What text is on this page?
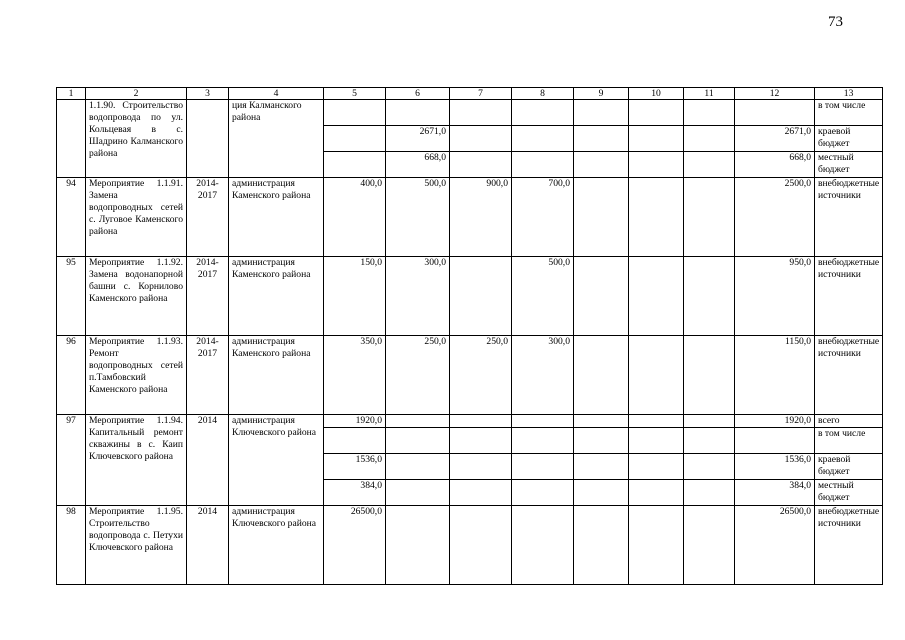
73
1	2	3	4	5	6	7	8	9	10	11	12	13
	1.1.90. Строительство водопровода по ул. Кольцевая в с. Шадрино Калманского района		ция Калманского района									в том числе
					2671,0						2671,0	краевой бюджет
					668,0						668,0	местный бюджет
94	Мероприятие 1.1.91. Замена водопроводных сетей с. Луговое Каменского района	2014-2017	администрация Каменского района	400,0	500,0	900,0	700,0				2500,0	внебюджетные источники
95	Мероприятие 1.1.92. Замена водонапорной башни с. Корнилово Каменского района	2014-2017	администрация Каменского района	150,0	300,0		500,0				950,0	внебюджетные источники
96	Мероприятие 1.1.93. Ремонт водопроводных сетей п.Тамбовский Каменского района	2014-2017	администрация Каменского района	350,0	250,0	250,0	300,0				1150,0	внебюджетные источники
97	Мероприятие 1.1.94. Капитальный ремонт скважины в с. Каип Ключевского района	2014	администрация Ключевского района	1920,0							1920,0	всего
												в том числе
				1536,0							1536,0	краевой бюджет
				384,0							384,0	местный бюджет
98	Мероприятие 1.1.95. Строительство водопровода с. Петухи Ключевского района	2014	администрация Ключевского района	26500,0							26500,0	внебюджетные источники
